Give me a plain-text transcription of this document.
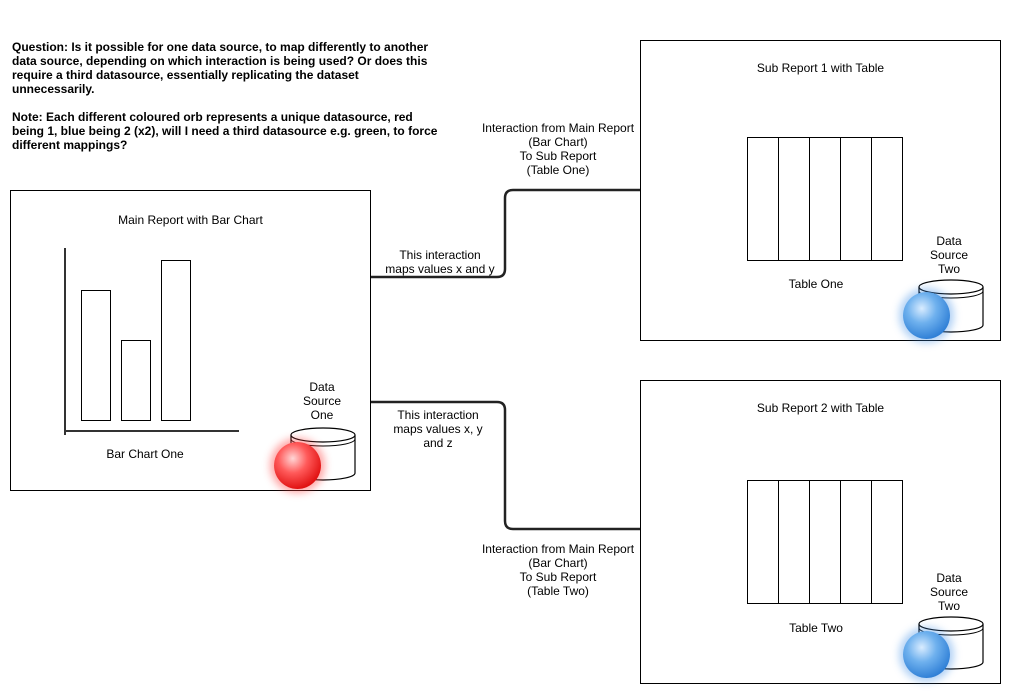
Question: Is it possible for one data source, to map differently to another data source, depending on which interaction is being used? Or does this require a third datasource, essentially replicating the dataset unnecessarily.

Note: Each different coloured orb represents a unique datasource, red being 1, blue being 2 (x2), will I need a third datasource e.g. green, to force different mappings?

Main Report with Bar Chart
Bar Chart One
Data
Source
One
Interaction from Main Report
(Bar Chart)
To Sub Report
(Table One)
This interaction
maps values x and y
This interaction
maps values x, y
and z
Interaction from Main Report
(Bar Chart)
To Sub Report
(Table Two)
Sub Report 1 with Table
Table One
Data
Source
Two
Sub Report 2 with Table
Table Two
Data
Source
Two
